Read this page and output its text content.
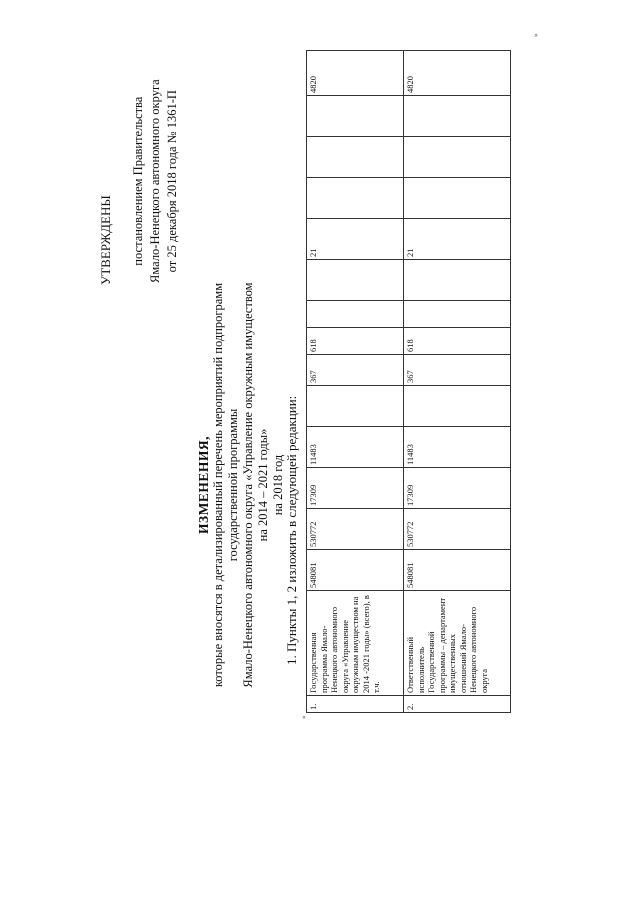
УТВЕРЖДЕНЫ постановлением Правительства Ямало-Ненецкого автономного округа от 25 декабря 2018 года № 1361-П
ИЗМЕНЕНИЯ, которые вносятся в детализированный перечень мероприятий подпрограмм государственной программы Ямало-Ненецкого автономного округа «Управление окружным имуществом на 2014 – 2021 годы» на 2018 год 1. Пункты 1, 2 изложить в следующей редакции:
1.	Государственная программа Ямало-Ненецкого автономного округа «Управление окружным имуществом на 2014 -2021 годы» (всего), в т.ч.	548081	530772	17309	11483		367	618			21				4820
2.	Ответственный исполнитель Государственной программы – департамент имущественных отношений Ямало-Ненецкого автономного округа	548081	530772	17309	11483		367	618			21				4820
»
»
